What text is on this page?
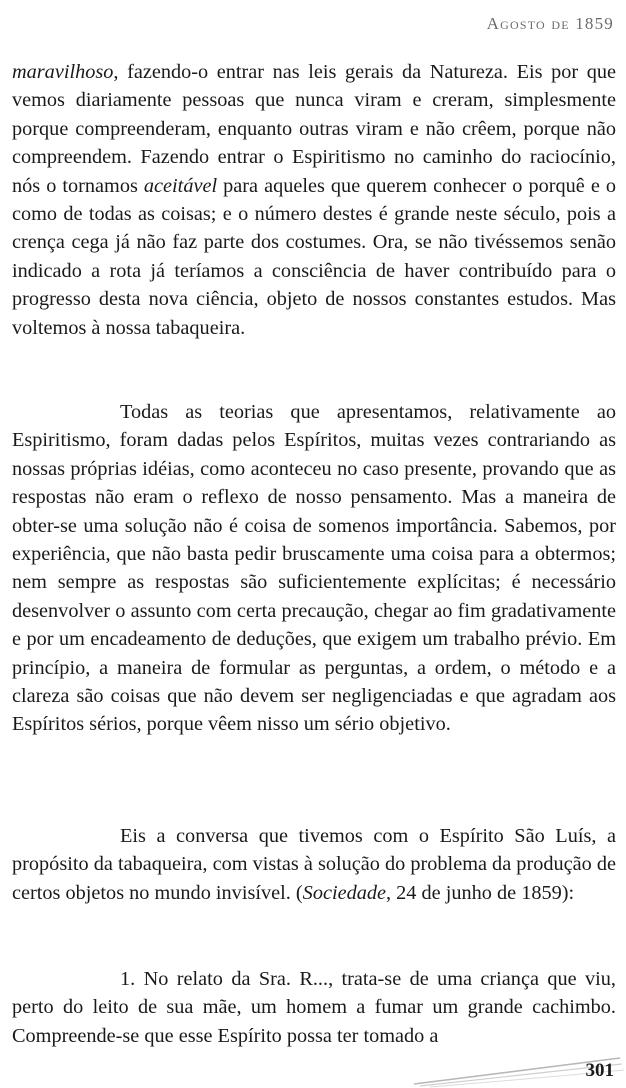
Agosto de 1859

maravilhoso, fazendo-o entrar nas leis gerais da Natureza. Eis por que vemos diariamente pessoas que nunca viram e creram, simplesmente porque compreenderam, enquanto outras viram e não crêem, porque não compreendem. Fazendo entrar o Espiritismo no caminho do raciocínio, nós o tornamos aceitável para aqueles que querem conhecer o porquê e o como de todas as coisas; e o número destes é grande neste século, pois a crença cega já não faz parte dos costumes. Ora, se não tivéssemos senão indicado a rota já teríamos a consciência de haver contribuído para o progresso desta nova ciência, objeto de nossos constantes estudos. Mas voltemos à nossa tabaqueira.

Todas as teorias que apresentamos, relativamente ao Espiritismo, foram dadas pelos Espíritos, muitas vezes contrariando as nossas próprias idéias, como aconteceu no caso presente, provando que as respostas não eram o reflexo de nosso pensamento. Mas a maneira de obter-se uma solução não é coisa de somenos importância. Sabemos, por experiência, que não basta pedir bruscamente uma coisa para a obtermos; nem sempre as respostas são suficientemente explícitas; é necessário desenvolver o assunto com certa precaução, chegar ao fim gradativamente e por um encadeamento de deduções, que exigem um trabalho prévio. Em princípio, a maneira de formular as perguntas, a ordem, o método e a clareza são coisas que não devem ser negligenciadas e que agradam aos Espíritos sérios, porque vêem nisso um sério objetivo.

Eis a conversa que tivemos com o Espírito São Luís, a propósito da tabaqueira, com vistas à solução do problema da produção de certos objetos no mundo invisível. (Sociedade, 24 de junho de 1859):

1. No relato da Sra. R..., trata-se de uma criança que viu, perto do leito de sua mãe, um homem a fumar um grande cachimbo. Compreende-se que esse Espírito possa ter tomado a

301
